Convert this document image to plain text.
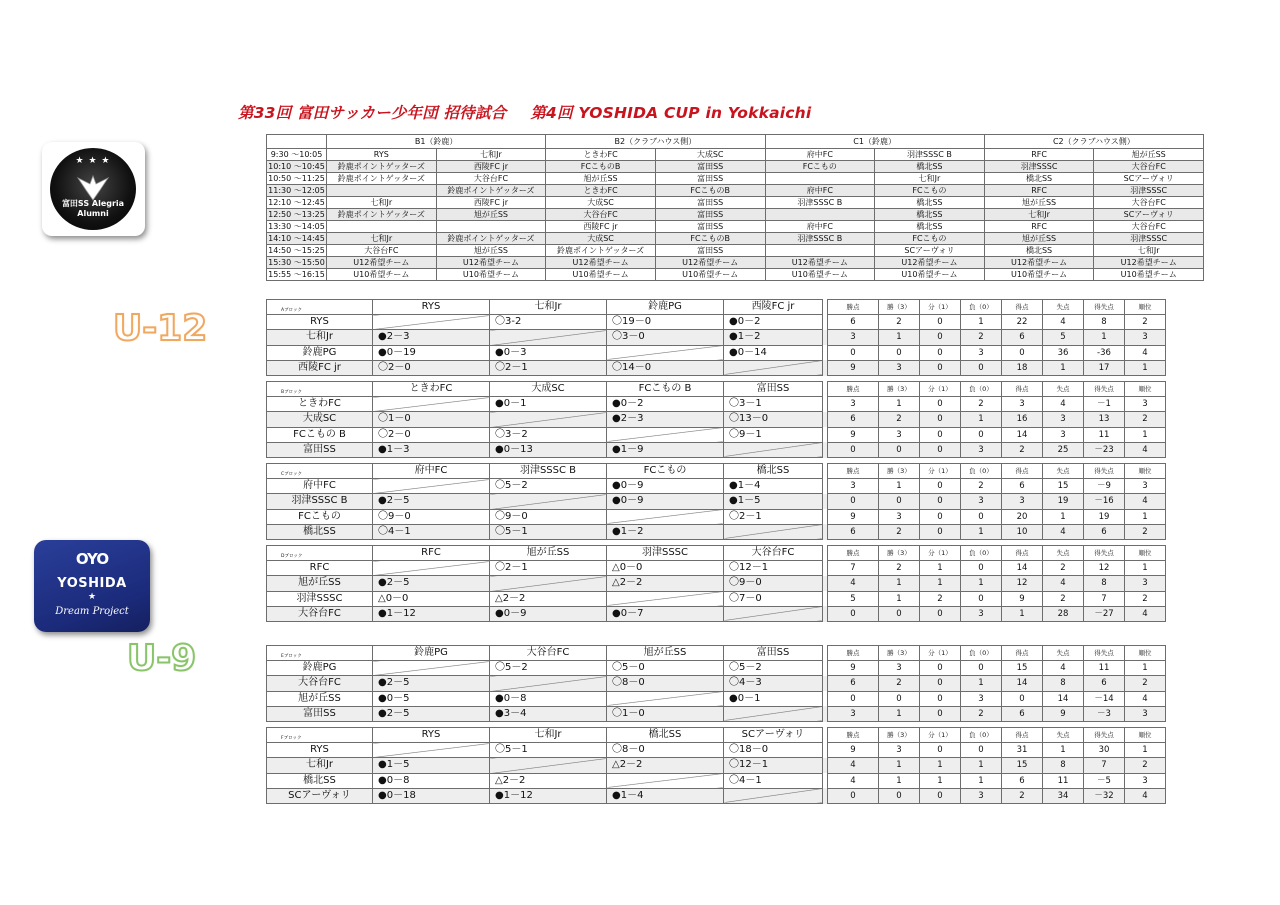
第33回 富田サッカー少年団 招待試合 第4回 YOSHIDA CUP in Yokkaichi
★ ★ ★
富田SS Alegria Alumni
OYO
YOSHIDA
★
Dream Project
U-12
U-9
	B1（鈴鹿）		B2（クラブハウス側）		C1（鈴鹿）		C2（クラブハウス側）	
9:30 〜10:05	RYS	七和Jr	ときわFC	大成SC	府中FC	羽津SSSC B	RFC	旭が丘SS
10:10 〜10:45	鈴鹿ポイントゲッターズ	西陵FC jr	FCこものB	富田SS	FCこもの	橋北SS	羽津SSSC	大谷台FC
10:50 〜11:25	鈴鹿ポイントゲッターズ	大谷台FC	旭が丘SS	富田SS		七和Jr	橋北SS	SCアーヴォリ
11:30 〜12:05		鈴鹿ポイントゲッターズ	ときわFC	FCこものB	府中FC	FCこもの	RFC	羽津SSSC
12:10 〜12:45	七和Jr	西陵FC jr	大成SC	富田SS	羽津SSSC B	橋北SS	旭が丘SS	大谷台FC
12:50 〜13:25	鈴鹿ポイントゲッターズ	旭が丘SS	大谷台FC	富田SS		橋北SS	七和Jr	SCアーヴォリ
13:30 〜14:05			西陵FC jr	富田SS	府中FC	橋北SS	RFC	大谷台FC
14:10 〜14:45	七和Jr	鈴鹿ポイントゲッターズ	大成SC	FCこものB	羽津SSSC B	FCこもの	旭が丘SS	羽津SSSC
14:50 〜15:25	大谷台FC	旭が丘SS	鈴鹿ポイントゲッターズ	富田SS		SCアーヴォリ	橋北SS	七和Jr
15:30 〜15:50	U12希望チーム	U12希望チーム	U12希望チーム	U12希望チーム	U12希望チーム	U12希望チーム	U12希望チーム	U12希望チーム
15:55 〜16:15	U10希望チーム	U10希望チーム	U10希望チーム	U10希望チーム	U10希望チーム	U10希望チーム	U10希望チーム	U10希望チーム
Aブロック	RYS	七和Jr	鈴鹿PG	西陵FC jr		勝点	勝（3）	分（1）	負（0）	得点	失点	得失点	順位
RYS		〇3-2	〇19－0	●0－2		6	2	0	1	22	4	8	2
七和Jr	●2－3		〇3－0	●1－2		3	1	0	2	6	5	1	3
鈴鹿PG	●0－19	●0－3		●0－14		0	0	0	3	0	36	-36	4
西陵FC jr	〇2－0	〇2－1	〇14－0			9	3	0	0	18	1	17	1
Bブロック	ときわFC	大成SC	FCこもの B	富田SS		勝点	勝（3）	分（1）	負（0）	得点	失点	得失点	順位
ときわFC		●0－1	●0－2	〇3－1		3	1	0	2	3	4	－1	3
大成SC	〇1－0		●2－3	〇13－0		6	2	0	1	16	3	13	2
FCこもの B	〇2－0	〇3－2		〇9－1		9	3	0	0	14	3	11	1
富田SS	●1－3	●0－13	●1－9			0	0	0	3	2	25	－23	4
Cブロック	府中FC	羽津SSSC B	FCこもの	橋北SS		勝点	勝（3）	分（1）	負（0）	得点	失点	得失点	順位
府中FC		〇5－2	●0－9	●1－4		3	1	0	2	6	15	－9	3
羽津SSSC B	●2－5		●0－9	●1－5		0	0	0	3	3	19	－16	4
FCこもの	〇9－0	〇9－0		〇2－1		9	3	0	0	20	1	19	1
橋北SS	〇4－1	〇5－1	●1－2			6	2	0	1	10	4	6	2
Dブロック	RFC	旭が丘SS	羽津SSSC	大谷台FC		勝点	勝（3）	分（1）	負（0）	得点	失点	得失点	順位
RFC		〇2－1	△0－0	〇12－1		7	2	1	0	14	2	12	1
旭が丘SS	●2－5		△2－2	〇9－0		4	1	1	1	12	4	8	3
羽津SSSC	△0－0	△2－2		〇7－0		5	1	2	0	9	2	7	2
大谷台FC	●1－12	●0－9	●0－7			0	0	0	3	1	28	－27	4
Eブロック	鈴鹿PG	大谷台FC	旭が丘SS	富田SS		勝点	勝（3）	分（1）	負（0）	得点	失点	得失点	順位
鈴鹿PG		〇5－2	〇5－0	〇5－2		9	3	0	0	15	4	11	1
大谷台FC	●2－5		〇8－0	〇4－3		6	2	0	1	14	8	6	2
旭が丘SS	●0－5	●0－8		●0－1		0	0	0	3	0	14	－14	4
富田SS	●2－5	●3－4	〇1－0			3	1	0	2	6	9	－3	3
Fブロック	RYS	七和Jr	橋北SS	SCアーヴォリ		勝点	勝（3）	分（1）	負（0）	得点	失点	得失点	順位
RYS		〇5－1	〇8－0	〇18－0		9	3	0	0	31	1	30	1
七和Jr	●1－5		△2－2	〇12－1		4	1	1	1	15	8	7	2
橋北SS	●0－8	△2－2		〇4－1		4	1	1	1	6	11	－5	3
SCアーヴォリ	●0－18	●1－12	●1－4			0	0	0	3	2	34	－32	4
